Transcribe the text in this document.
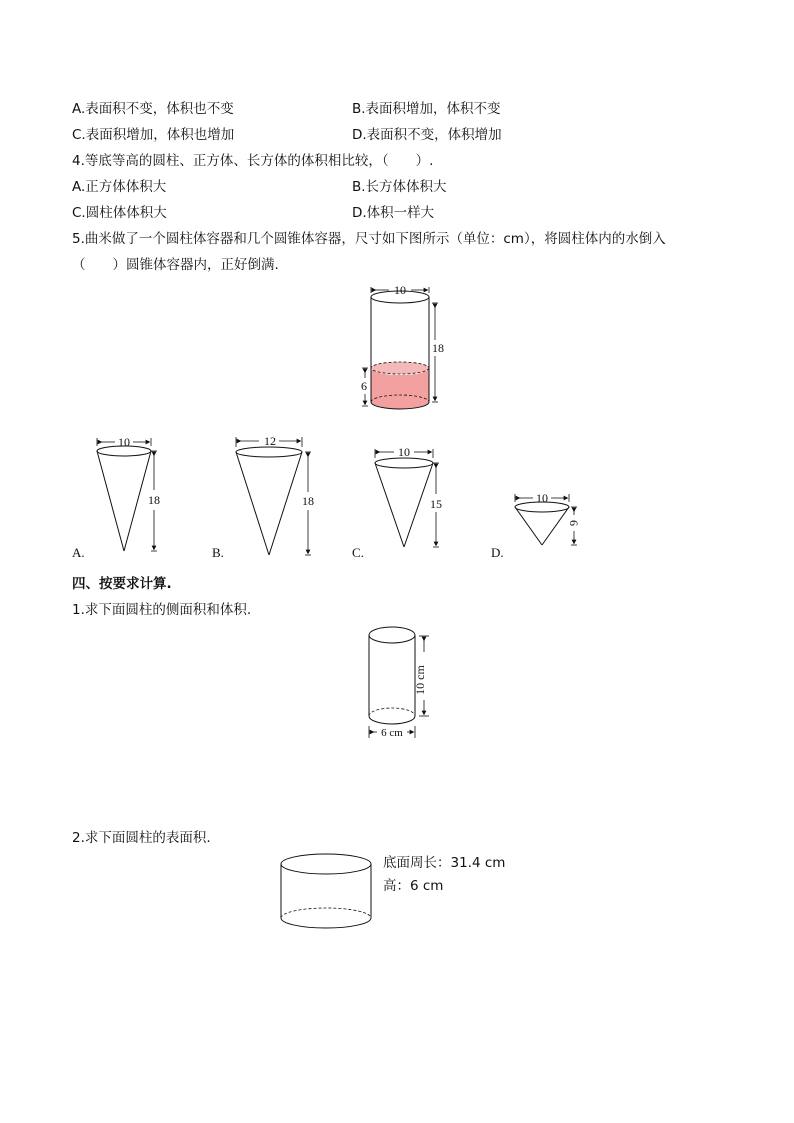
A.表面积不变，体积也不变	B.表面积增加，体积不变
C.表面积增加，体积也增加	D.表面积不变，体积增加
4.等底等高的圆柱、正方体、长方体的体积相比较，（　　）.
A.正方体体积大	B.长方体体积大
C.圆柱体体积大	D.体积一样大
5.曲米做了一个圆柱体容器和几个圆锥体容器，尺寸如下图所示（单位：cm），将圆柱体内的水倒入
（　　）圆锥体容器内，正好倒满.
10
18
6
10
18
12
18
10
15	10
6
10 cm
6 cm
A.	B.	C.	D.
四、按要求计算.
1.求下面圆柱的侧面积和体积.
2.求下面圆柱的表面积.
底面周长：31.4 cm
高：6 cm
